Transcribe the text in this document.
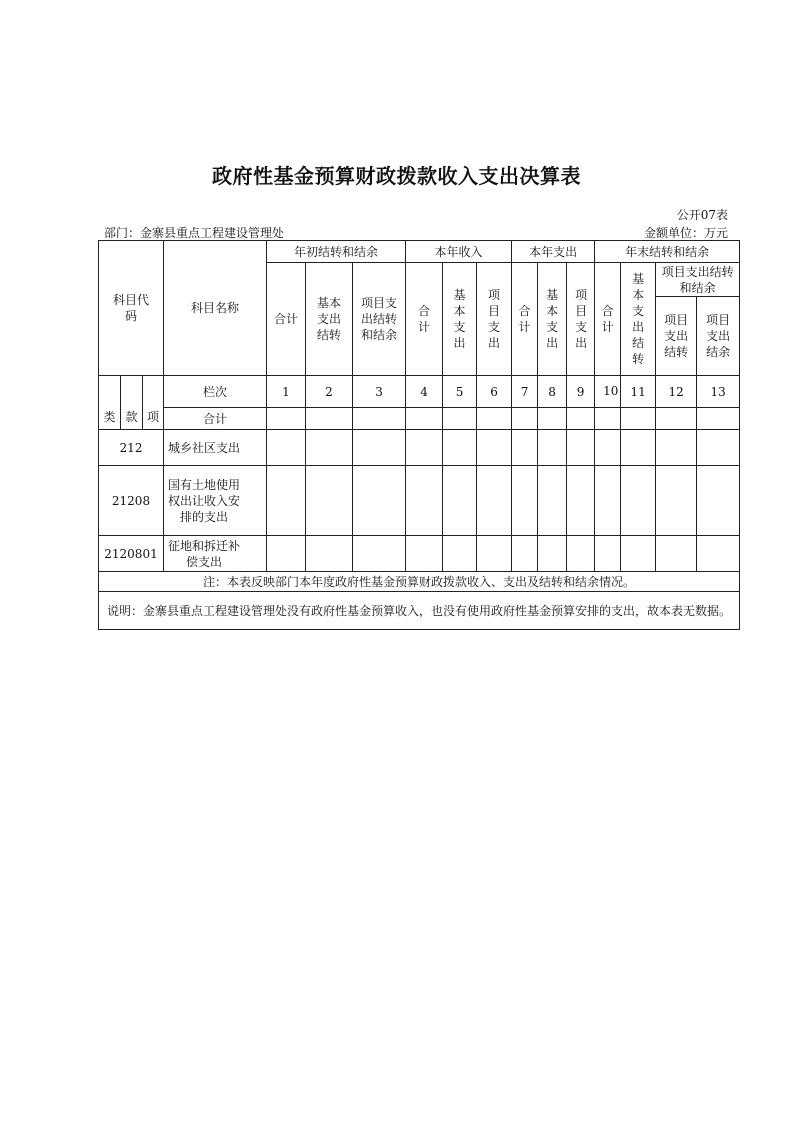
政府性基金预算财政拨款收入支出决算表
公开07表
部门：金寨县重点工程建设管理处	金额单位：万元
科目代码			科目名称	年初结转和结余			本年收入			本年支出			年末结转和结余			
				合计	基本支出结转	项目支出结转和结余	合计	基本支出	项目支出	合计	基本支出	项目支出	合计	基本支出结转	项目支出结转和结余	
															项目支出结转	项目支出结余
类	款	项	栏次	1	2	3	4	5	6	7	8	9	10	11	12	13
			合计													
212			城乡社区支出													
21208			国有土地使用权出让收入安排的支出													
2120801			征地和拆迁补偿支出													
注：本表反映部门本年度政府性基金预算财政拨款收入、支出及结转和结余情况。																
说明：金寨县重点工程建设管理处没有政府性基金预算收入，也没有使用政府性基金预算安排的支出，故本表无数据。																
